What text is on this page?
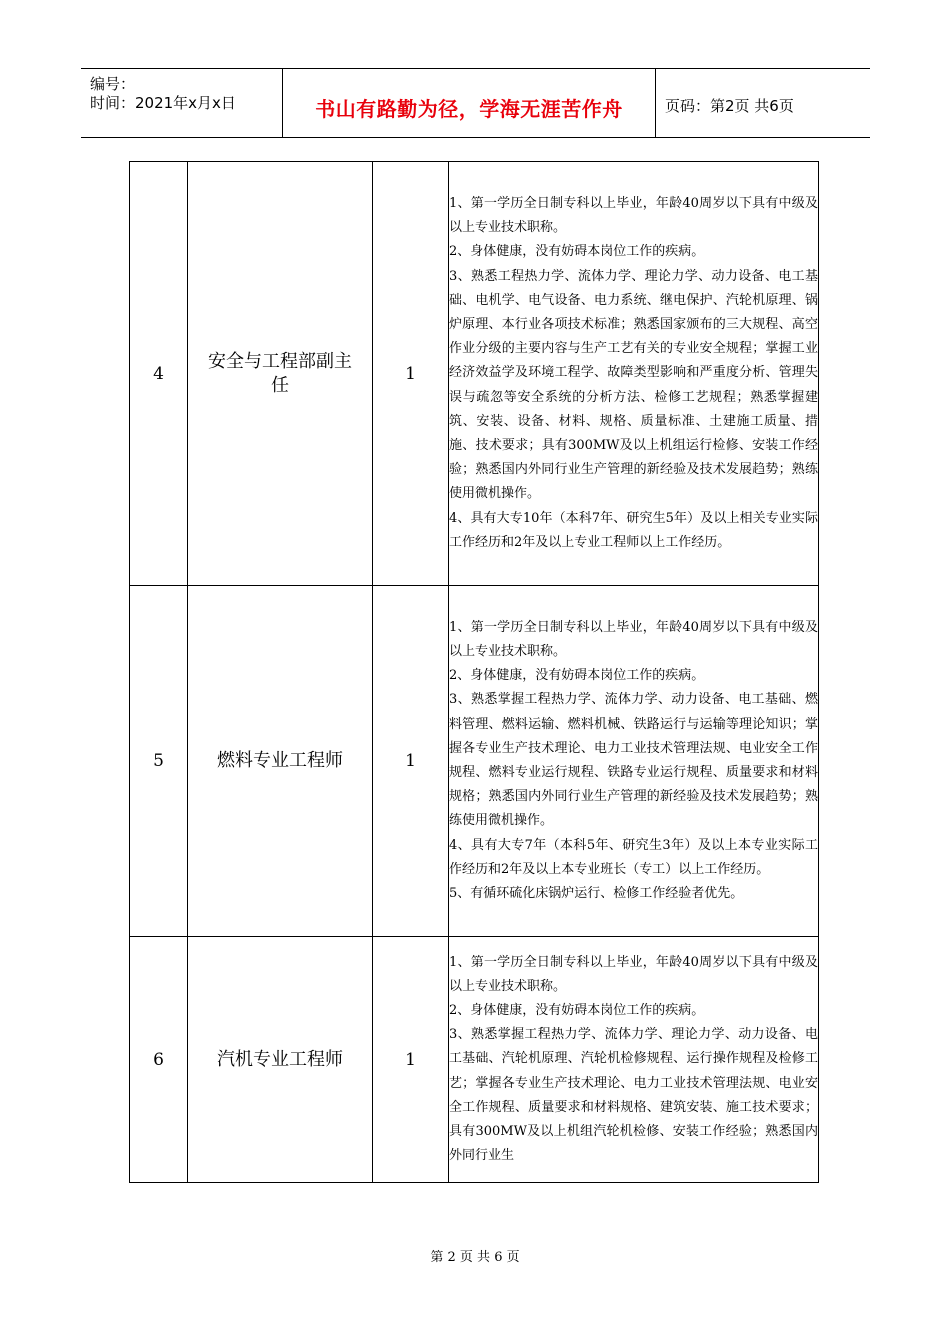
编号：
时间：2021年x月x日	书山有路勤为径，学海无涯苦作舟	页码：第2页 共6页
4	安全与工程部副主任	1	1、第一学历全日制专科以上毕业，年龄40周岁以下具有中级及以上专业技术职称。

2、身体健康，没有妨碍本岗位工作的疾病。

3、熟悉工程热力学、流体力学、理论力学、动力设备、电工基础、电机学、电气设备、电力系统、继电保护、汽轮机原理、锅炉原理、本行业各项技术标准；熟悉国家颁布的三大规程、高空作业分级的主要内容与生产工艺有关的专业安全规程；掌握工业经济效益学及环境工程学、故障类型影响和严重度分析、管理失误与疏忽等安全系统的分析方法、检修工艺规程；熟悉掌握建筑、安装、设备、材料、规格、质量标准、土建施工质量、措施、技术要求；具有300MW及以上机组运行检修、安装工作经验；熟悉国内外同行业生产管理的新经验及技术发展趋势；熟练使用微机操作。

4、具有大专10年（本科7年、研究生5年）及以上相关专业实际工作经历和2年及以上专业工程师以上工作经历。

5	燃料专业工程师	1	1、第一学历全日制专科以上毕业，年龄40周岁以下具有中级及以上专业技术职称。

2、身体健康，没有妨碍本岗位工作的疾病。

3、熟悉掌握工程热力学、流体力学、动力设备、电工基础、燃料管理、燃料运输、燃料机械、铁路运行与运输等理论知识；掌握各专业生产技术理论、电力工业技术管理法规、电业安全工作规程、燃料专业运行规程、铁路专业运行规程、质量要求和材料规格；熟悉国内外同行业生产管理的新经验及技术发展趋势；熟练使用微机操作。

4、具有大专7年（本科5年、研究生3年）及以上本专业实际工作经历和2年及以上本专业班长（专工）以上工作经历。

5、有循环硫化床锅炉运行、检修工作经验者优先。

6	汽机专业工程师	1	1、第一学历全日制专科以上毕业，年龄40周岁以下具有中级及以上专业技术职称。

2、身体健康，没有妨碍本岗位工作的疾病。

3、熟悉掌握工程热力学、流体力学、理论力学、动力设备、电工基础、汽轮机原理、汽轮机检修规程、运行操作规程及检修工艺；掌握各专业生产技术理论、电力工业技术管理法规、电业安全工作规程、质量要求和材料规格、建筑安装、施工技术要求；具有300MW及以上机组汽轮机检修、安装工作经验；熟悉国内外同行业生

第 2 页 共 6 页
